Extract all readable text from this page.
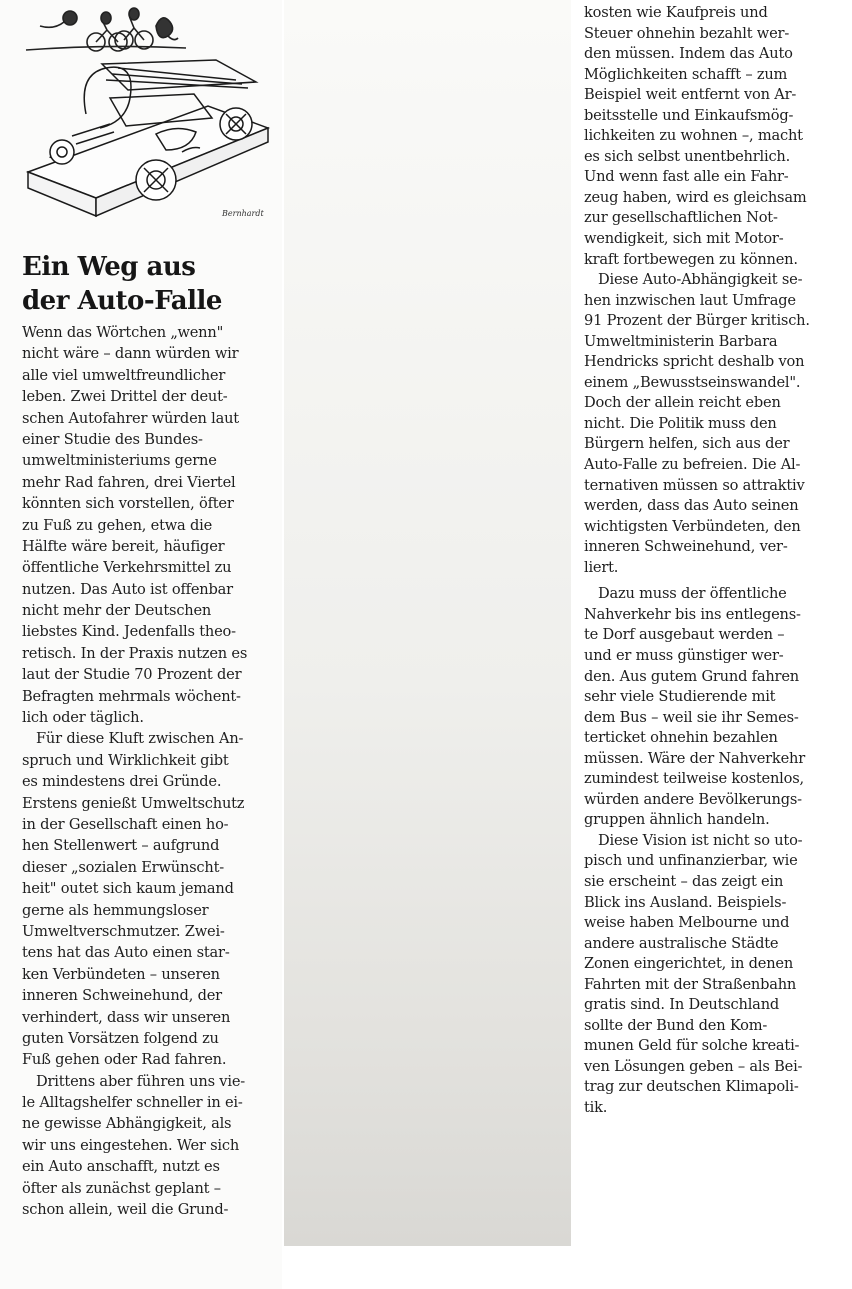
Bernhardt
Ein Weg aus
der Auto-Falle
Wenn das Wörtchen „wenn"
nicht wäre – dann würden wir
alle viel umweltfreundlicher
leben. Zwei Drittel der deut-
schen Autofahrer würden laut
einer Studie des Bundes-
umweltministeriums gerne
mehr Rad fahren, drei Viertel
könnten sich vorstellen, öfter
zu Fuß zu gehen, etwa die
Hälfte wäre bereit, häufiger
öffentliche Verkehrsmittel zu
nutzen. Das Auto ist offenbar
nicht mehr der Deutschen
liebstes Kind. Jedenfalls theo-
retisch. In der Praxis nutzen es
laut der Studie 70 Prozent der
Befragten mehrmals wöchent-
lich oder täglich.
Für diese Kluft zwischen An-
spruch und Wirklichkeit gibt
es mindestens drei Gründe.
Erstens genießt Umweltschutz
in der Gesellschaft einen ho-
hen Stellenwert – aufgrund
dieser „sozialen Erwünscht-
heit" outet sich kaum jemand
gerne als hemmungsloser
Umweltverschmutzer. Zwei-
tens hat das Auto einen star-
ken Verbündeten – unseren
inneren Schweinehund, der
verhindert, dass wir unseren
guten Vorsätzen folgend zu
Fuß gehen oder Rad fahren.
Drittens aber führen uns vie-
le Alltagshelfer schneller in ei-
ne gewisse Abhängigkeit, als
wir uns eingestehen. Wer sich
ein Auto anschafft, nutzt es
öfter als zunächst geplant –
schon allein, weil die Grund-
kosten wie Kaufpreis und
Steuer ohnehin bezahlt wer-
den müssen. Indem das Auto
Möglichkeiten schafft – zum
Beispiel weit entfernt von Ar-
beitsstelle und Einkaufsmög-
lichkeiten zu wohnen –, macht
es sich selbst unentbehrlich.
Und wenn fast alle ein Fahr-
zeug haben, wird es gleichsam
zur gesellschaftlichen Not-
wendigkeit, sich mit Motor-
kraft fortbewegen zu können.
Diese Auto-Abhängigkeit se-
hen inzwischen laut Umfrage
91 Prozent der Bürger kritisch.
Umweltministerin Barbara
Hendricks spricht deshalb von
einem „Bewusstseinswandel".
Doch der allein reicht eben
nicht. Die Politik muss den
Bürgern helfen, sich aus der
Auto-Falle zu befreien. Die Al-
ternativen müssen so attraktiv
werden, dass das Auto seinen
wichtigsten Verbündeten, den
inneren Schweinehund, ver-
liert.
Dazu muss der öffentliche
Nahverkehr bis ins entlegens-
te Dorf ausgebaut werden –
und er muss günstiger wer-
den. Aus gutem Grund fahren
sehr viele Studierende mit
dem Bus – weil sie ihr Semes-
terticket ohnehin bezahlen
müssen. Wäre der Nahverkehr
zumindest teilweise kostenlos,
würden andere Bevölkerungs-
gruppen ähnlich handeln.
Diese Vision ist nicht so uto-
pisch und unfinanzierbar, wie
sie erscheint – das zeigt ein
Blick ins Ausland. Beispiels-
weise haben Melbourne und
andere australische Städte
Zonen eingerichtet, in denen
Fahrten mit der Straßenbahn
gratis sind. In Deutschland
sollte der Bund den Kom-
munen Geld für solche kreati-
ven Lösungen geben – als Bei-
trag zur deutschen Klimapoli-
tik.
